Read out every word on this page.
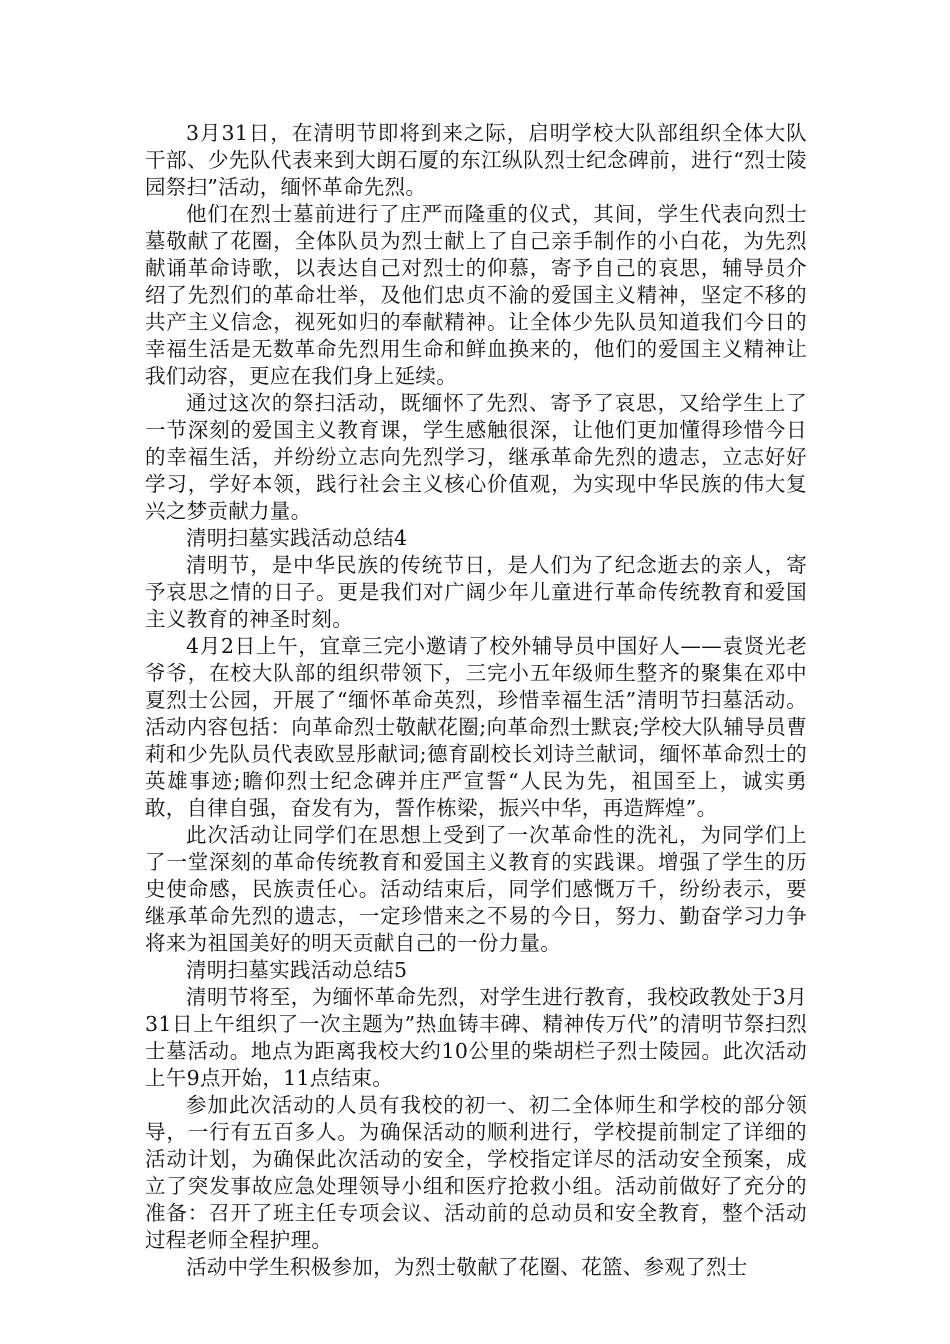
3月31日，在清明节即将到来之际，启明学校大队部组织全体大队干部、少先队代表来到大朗石厦的东江纵队烈士纪念碑前，进行“烈士陵园祭扫”活动，缅怀革命先烈。

他们在烈士墓前进行了庄严而隆重的仪式，其间，学生代表向烈士墓敬献了花圈，全体队员为烈士献上了自己亲手制作的小白花，为先烈献诵革命诗歌，以表达自己对烈士的仰慕，寄予自己的哀思，辅导员介绍了先烈们的革命壮举，及他们忠贞不渝的爱国主义精神，坚定不移的共产主义信念，视死如归的奉献精神。让全体少先队员知道我们今日的幸福生活是无数革命先烈用生命和鲜血换来的，他们的爱国主义精神让我们动容，更应在我们身上延续。

通过这次的祭扫活动，既缅怀了先烈、寄予了哀思，又给学生上了一节深刻的爱国主义教育课，学生感触很深，让他们更加懂得珍惜今日的幸福生活，并纷纷立志向先烈学习，继承革命先烈的遗志，立志好好学习，学好本领，践行社会主义核心价值观，为实现中华民族的伟大复兴之梦贡献力量。

清明扫墓实践活动总结4

清明节，是中华民族的传统节日，是人们为了纪念逝去的亲人，寄予哀思之情的日子。更是我们对广阔少年儿童进行革命传统教育和爱国主义教育的神圣时刻。

4月2日上午，宜章三完小邀请了校外辅导员中国好人——袁贤光老爷爷，在校大队部的组织带领下，三完小五年级师生整齐的聚集在邓中夏烈士公园，开展了“缅怀革命英烈，珍惜幸福生活”清明节扫墓活动。活动内容包括：向革命烈士敬献花圈;向革命烈士默哀;学校大队辅导员曹莉和少先队员代表欧昱彤献词;德育副校长刘诗兰献词，缅怀革命烈士的英雄事迹;瞻仰烈士纪念碑并庄严宣誓“人民为先，祖国至上，诚实勇敢，自律自强，奋发有为，誓作栋梁，振兴中华，再造辉煌”。

此次活动让同学们在思想上受到了一次革命性的洗礼，为同学们上了一堂深刻的革命传统教育和爱国主义教育的实践课。增强了学生的历史使命感，民族责任心。活动结束后，同学们感慨万千，纷纷表示，要继承革命先烈的遗志，一定珍惜来之不易的今日，努力、勤奋学习力争将来为祖国美好的明天贡献自己的一份力量。

清明扫墓实践活动总结5

清明节将至，为缅怀革命先烈，对学生进行教育，我校政教处于3月31日上午组织了一次主题为”热血铸丰碑、精神传万代”的清明节祭扫烈士墓活动。地点为距离我校大约10公里的柴胡栏子烈士陵园。此次活动上午9点开始，11点结束。

参加此次活动的人员有我校的初一、初二全体师生和学校的部分领导，一行有五百多人。为确保活动的顺利进行，学校提前制定了详细的活动计划，为确保此次活动的安全，学校指定详尽的活动安全预案，成立了突发事故应急处理领导小组和医疗抢救小组。活动前做好了充分的准备：召开了班主任专项会议、活动前的总动员和安全教育，整个活动过程老师全程护理。

活动中学生积极参加，为烈士敬献了花圈、花篮、参观了烈士
